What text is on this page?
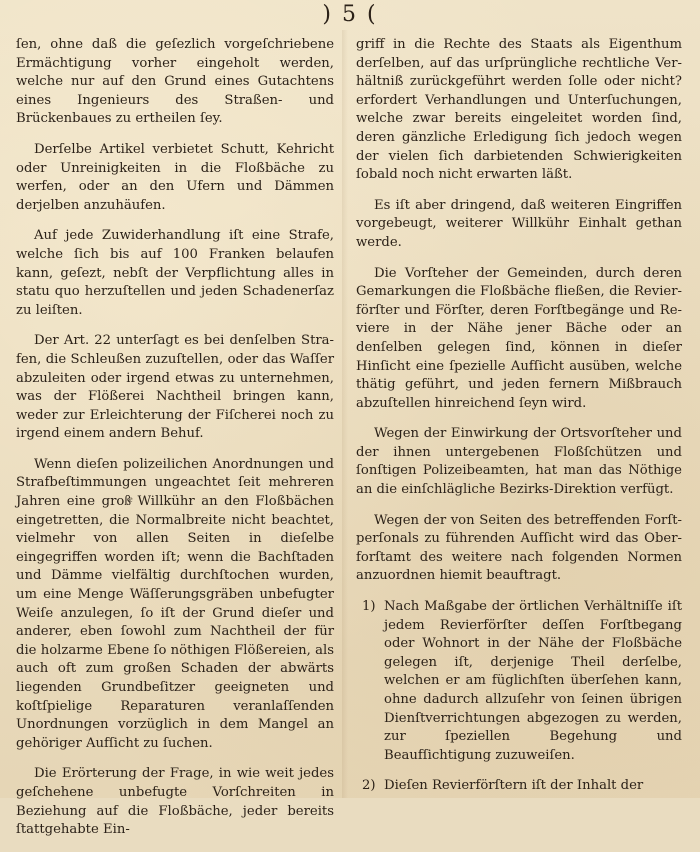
) 5 (

ſen, ohne daß die geſezlich vorgeſchriebene Ermächtigung vorher eingeholt werden, welche nur auf den Grund eines Gutachtens eines Ingenieurs des Straßen- und Brückenbaues zu ertheilen ſey.

Derſelbe Artikel verbietet Schutt, Kehricht oder Unreinigkeiten in die Floßbäche zu werfen, oder an den Ufern und Dämmen derjelben anzuhäufen.

Auf jede Zuwiderhandlung iſt eine Strafe, welche ſich bis auf 100 Franken belaufen kann, geſezt, nebſt der Verpflichtung alles in statu quo herzuſtellen und jeden Schadenerſaz zu leiſten.

Der Art. 22 unterſagt es bei denſelben Strafen, die Schleußen zuzuſtellen, oder das Waſſer abzuleiten oder irgend etwas zu unternehmen, was der Flößerei Nachtheil bringen kann, weder zur Erleichterung der Fiſcherei noch zu irgend einem andern Behuf.

Wenn dieſen polizeilichen Anordnungen und Strafbeſtimmungen ungeachtet ſeit mehreren Jahren eine großͤ Willkühr an den Floßbächen eingetretten, die Normalbreite nicht beachtet, vielmehr von allen Seiten in dieſelbe eingegriffen worden iſt; wenn die Bachſtaden und Dämme vielfältig durchſtochen wurden, um eine Menge Wäſſerungsgräben unbefugter Weiſe anzulegen, ſo iſt der Grund dieſer und anderer, eben ſowohl zum Nachtheil der für die holzarme Ebene ſo nöthigen Flößereien, als auch oft zum großen Schaden der abwärts liegenden Grundbeſitzer geeigneten und koſtſpielige Reparaturen veranlaſſenden Unordnungen vorzüglich in dem Mangel an gehöriger Aufſicht zu ſuchen.

Die Erörterung der Frage, in wie weit jedes geſchehene unbefugte Vorſchreiten in Beziehung auf die Floßbäche, jeder bereits ſtattgehabte Ein-

griff in die Rechte des Staats als Eigenthum derſelben, auf das urſprüngliche rechtliche Verhältniß zurückgeführt werden ſolle oder nicht? erfordert Verhandlungen und Unterſuchungen, welche zwar bereits eingeleitet worden ſind, deren gänzliche Erledigung ſich jedoch wegen der vielen ſich darbietenden Schwierigkeiten ſobald noch nicht erwarten läßt.

Es iſt aber dringend, daß weiteren Eingriffen vorgebeugt, weiterer Willkühr Einhalt gethan werde.

Die Vorſteher der Gemeinden, durch deren Gemarkungen die Floßbäche fließen, die Revierförſter und Förſter, deren Forſtbegänge und Reviere in der Nähe jener Bäche oder an denſelben gelegen ſind, können in dieſer Hinſicht eine ſpezielle Aufſicht ausüben, welche thätig geführt, und jeden fernern Mißbrauch abzuſtellen hinreichend ſeyn wird.

Wegen der Einwirkung der Ortsvorſteher und der ihnen untergebenen Floßſchützen und ſonſtigen Polizeibeamten, hat man das Nöthige an die einſchlägliche Bezirks-Direktion verfügt.

Wegen der von Seiten des betreffenden Forſtperſonals zu führenden Aufſicht wird das Oberforſtamt des weitere nach folgenden Normen anzuordnen hiemit beauftragt.

1) Nach Maßgabe der örtlichen Verhältniſſe iſt jedem Revierförſter deſſen Forſtbegang oder Wohnort in der Nähe der Floßbäche gelegen iſt, derjenige Theil derſelbe, welchen er am füglichſten überſehen kann, ohne dadurch allzuſehr von ſeinen übrigen Dienſtverrichtungen abgezogen zu werden, zur ſpeziellen Begehung und Beaufſichtigung zuzuweiſen.
2) Dieſen Revierförſtern iſt der Inhalt der
